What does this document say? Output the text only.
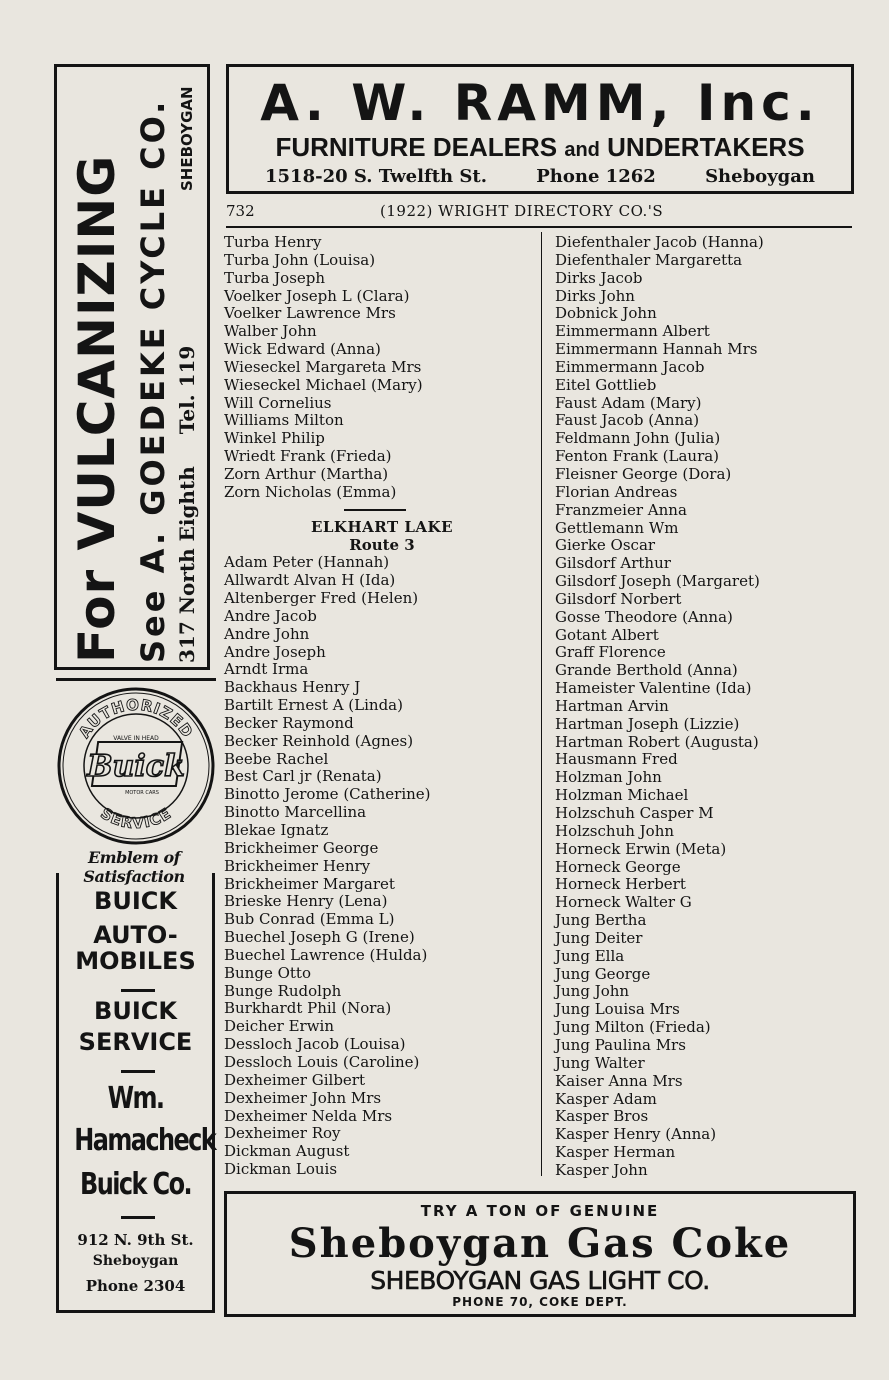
For VULCANIZING See A. GOEDEKE CYCLE CO. 317 North EighthTel. 119
SHEBOYGAN
AUTHORIZED
SERVICE
VALVE IN HEAD
Buick
MOTOR CARS
Emblem of Satisfaction
BUICK
AUTO-
MOBILES
BUICK
SERVICE
Wm.
Hamacheck
Buick Co.
912 N. 9th St.
Sheboygan
Phone 2304
A. W. RAMM, Inc.
FURNITURE DEALERS and UNDERTAKERS
1518-20 S. Twelfth St.	Phone 1262	Sheboygan
732	(1922) WRIGHT DIRECTORY CO.'S
Turba Henry
Turba John (Louisa)
Turba Joseph
Voelker Joseph L (Clara)
Voelker Lawrence Mrs
Walber John
Wick Edward (Anna)
Wieseckel Margareta Mrs
Wieseckel Michael (Mary)
Will Cornelius
Williams Milton
Winkel Philip
Wriedt Frank (Frieda)
Zorn Arthur (Martha)
Zorn Nicholas (Emma)
ELKHART LAKE
Route 3
Adam Peter (Hannah)
Allwardt Alvan H (Ida)
Altenberger Fred (Helen)
Andre Jacob
Andre John
Andre Joseph
Arndt Irma
Backhaus Henry J
Bartilt Ernest A (Linda)
Becker Raymond
Becker Reinhold (Agnes)
Beebe Rachel
Best Carl jr (Renata)
Binotto Jerome (Catherine)
Binotto Marcellina
Blekae Ignatz
Brickheimer George
Brickheimer Henry
Brickheimer Margaret
Brieske Henry (Lena)
Bub Conrad (Emma L)
Buechel Joseph G (Irene)
Buechel Lawrence (Hulda)
Bunge Otto
Bunge Rudolph
Burkhardt Phil (Nora)
Deicher Erwin
Dessloch Jacob (Louisa)
Dessloch Louis (Caroline)
Dexheimer Gilbert
Dexheimer John Mrs
Dexheimer Nelda Mrs
Dexheimer Roy
Dickman August
Dickman Louis
Diefenthaler Jacob (Hanna)
Diefenthaler Margaretta
Dirks Jacob
Dirks John
Dobnick John
Eimmermann Albert
Eimmermann Hannah Mrs
Eimmermann Jacob
Eitel Gottlieb
Faust Adam (Mary)
Faust Jacob (Anna)
Feldmann John (Julia)
Fenton Frank (Laura)
Fleisner George (Dora)
Florian Andreas
Franzmeier Anna
Gettlemann Wm
Gierke Oscar
Gilsdorf Arthur
Gilsdorf Joseph (Margaret)
Gilsdorf Norbert
Gosse Theodore (Anna)
Gotant Albert
Graff Florence
Grande Berthold (Anna)
Hameister Valentine (Ida)
Hartman Arvin
Hartman Joseph (Lizzie)
Hartman Robert (Augusta)
Hausmann Fred
Holzman John
Holzman Michael
Holzschuh Casper M
Holzschuh John
Horneck Erwin (Meta)
Horneck George
Horneck Herbert
Horneck Walter G
Jung Bertha
Jung Deiter
Jung Ella
Jung George
Jung John
Jung Louisa Mrs
Jung Milton (Frieda)
Jung Paulina Mrs
Jung Walter
Kaiser Anna Mrs
Kasper Adam
Kasper Bros
Kasper Henry (Anna)
Kasper Herman
Kasper John
TRY A TON OF GENUINE
Sheboygan Gas Coke
SHEBOYGAN GAS LIGHT CO.
PHONE 70, COKE DEPT.
